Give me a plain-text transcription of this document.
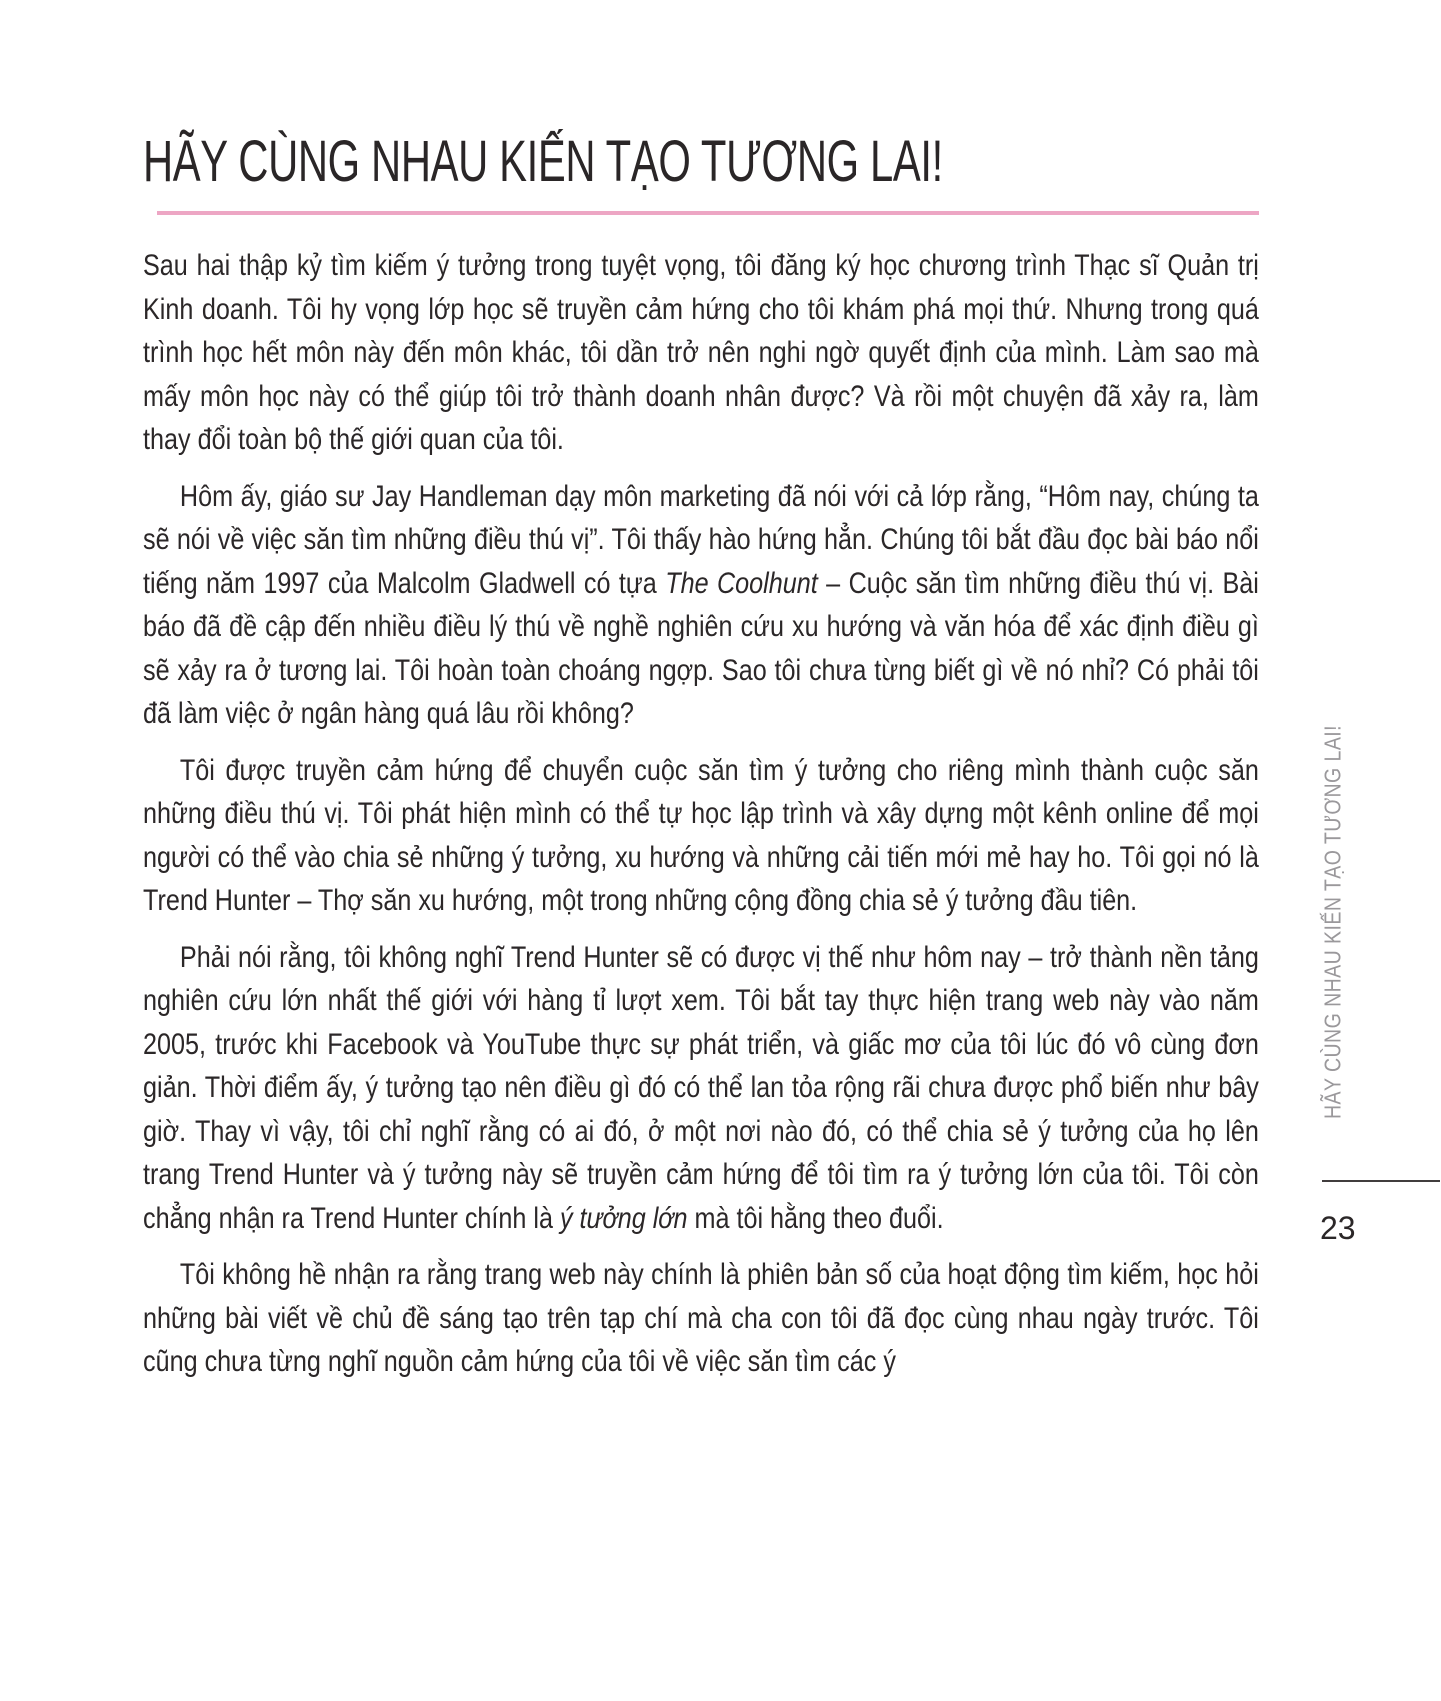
HÃY CÙNG NHAU KIẾN TẠO TƯƠNG LAI!

Sau hai thập kỷ tìm kiếm ý tưởng trong tuyệt vọng, tôi đăng ký học chương trình Thạc sĩ Quản trị Kinh doanh. Tôi hy vọng lớp học sẽ truyền cảm hứng cho tôi khám phá mọi thứ. Nhưng trong quá trình học hết môn này đến môn khác, tôi dần trở nên nghi ngờ quyết định của mình. Làm sao mà mấy môn học này có thể giúp tôi trở thành doanh nhân được? Và rồi một chuyện đã xảy ra, làm thay đổi toàn bộ thế giới quan của tôi.

Hôm ấy, giáo sư Jay Handleman dạy môn marketing đã nói với cả lớp rằng, “Hôm nay, chúng ta sẽ nói về việc săn tìm những điều thú vị”. Tôi thấy hào hứng hẳn. Chúng tôi bắt đầu đọc bài báo nổi tiếng năm 1997 của Malcolm Gladwell có tựa The Coolhunt – Cuộc săn tìm những điều thú vị. Bài báo đã đề cập đến nhiều điều lý thú về nghề nghiên cứu xu hướng và văn hóa để xác định điều gì sẽ xảy ra ở tương lai. Tôi hoàn toàn choáng ngợp. Sao tôi chưa từng biết gì về nó nhỉ? Có phải tôi đã làm việc ở ngân hàng quá lâu rồi không?

Tôi được truyền cảm hứng để chuyển cuộc săn tìm ý tưởng cho riêng mình thành cuộc săn những điều thú vị. Tôi phát hiện mình có thể tự học lập trình và xây dựng một kênh online để mọi người có thể vào chia sẻ những ý tưởng, xu hướng và những cải tiến mới mẻ hay ho. Tôi gọi nó là Trend Hunter – Thợ săn xu hướng, một trong những cộng đồng chia sẻ ý tưởng đầu tiên.

Phải nói rằng, tôi không nghĩ Trend Hunter sẽ có được vị thế như hôm nay – trở thành nền tảng nghiên cứu lớn nhất thế giới với hàng tỉ lượt xem. Tôi bắt tay thực hiện trang web này vào năm 2005, trước khi Facebook và YouTube thực sự phát triển, và giấc mơ của tôi lúc đó vô cùng đơn giản. Thời điểm ấy, ý tưởng tạo nên điều gì đó có thể lan tỏa rộng rãi chưa được phổ biến như bây giờ. Thay vì vậy, tôi chỉ nghĩ rằng có ai đó, ở một nơi nào đó, có thể chia sẻ ý tưởng của họ lên trang Trend Hunter và ý tưởng này sẽ truyền cảm hứng để tôi tìm ra ý tưởng lớn của tôi. Tôi còn chẳng nhận ra Trend Hunter chính là ý tưởng lớn mà tôi hằng theo đuổi.

Tôi không hề nhận ra rằng trang web này chính là phiên bản số của hoạt động tìm kiếm, học hỏi những bài viết về chủ đề sáng tạo trên tạp chí mà cha con tôi đã đọc cùng nhau ngày trước. Tôi cũng chưa từng nghĩ nguồn cảm hứng của tôi về việc săn tìm các ý

HÃY CÙNG NHAU KIẾN TẠO TƯƠNG LAI!
23
